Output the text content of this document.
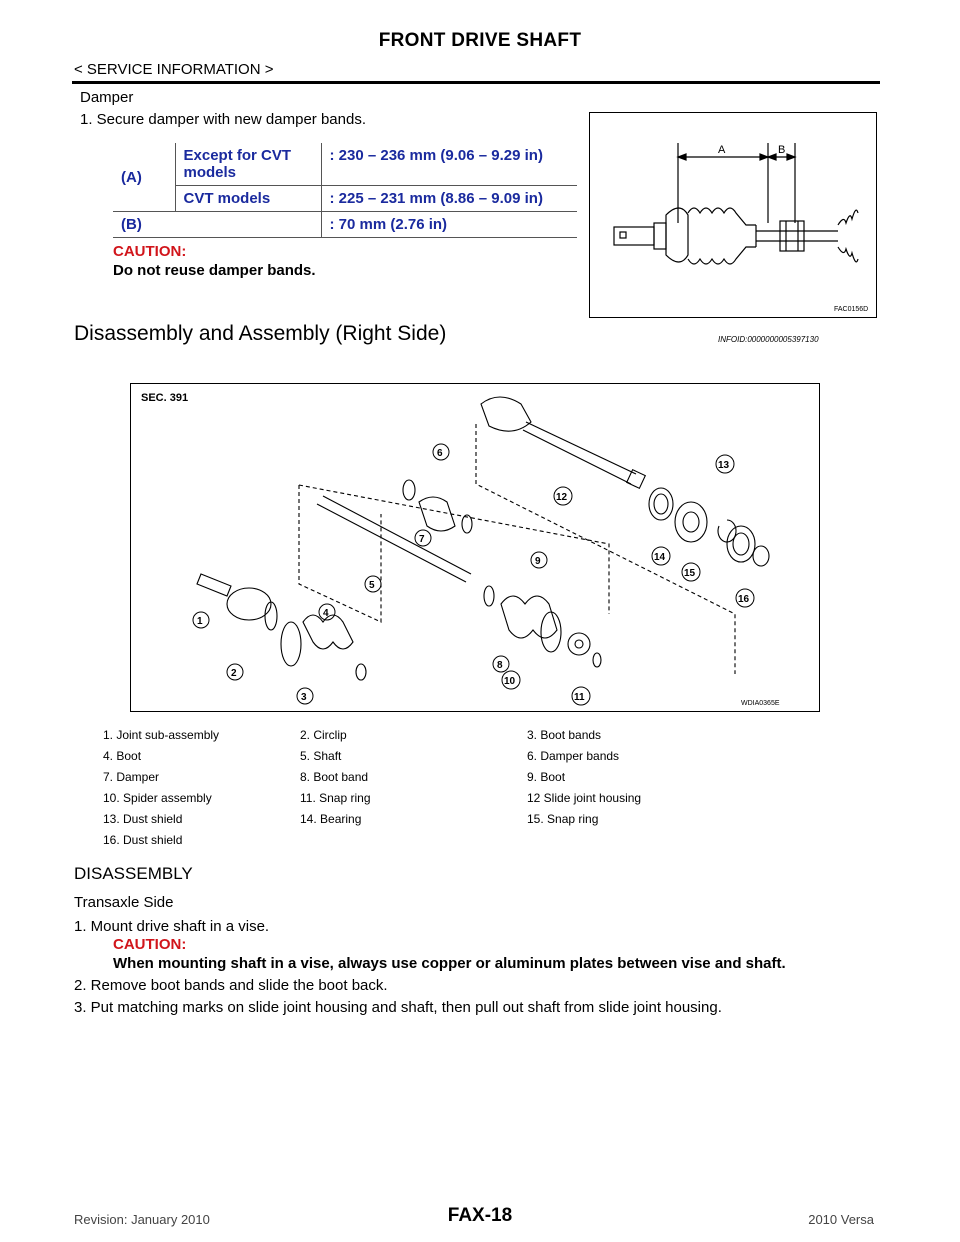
FRONT DRIVE SHAFT
< SERVICE INFORMATION >
Damper
1. Secure damper with new damper bands.
(A)	Except for CVT models	: 230 – 236 mm (9.06 – 9.29 in)
	CVT models	: 225 – 231 mm (8.86 – 9.09 in)
(B)		: 70 mm (2.76 in)
CAUTION:
Do not reuse damper bands.
A	B
FAC0156D
Disassembly and Assembly (Right Side)	INFOID:0000000005397130
SEC. 391
1
2
3
4
5
6
7
8
9
10
11
12
13
14
15
16
WDIA0365E
1. Joint sub-assembly	2. Circlip	3. Boot bands
4. Boot	5. Shaft	6. Damper bands
7. Damper	8. Boot band	9. Boot
10. Spider assembly	11. Snap ring	12 Slide joint housing
13. Dust shield	14. Bearing	15. Snap ring
16. Dust shield
DISASSEMBLY
Transaxle Side
1. Mount drive shaft in a vise.
CAUTION:
When mounting shaft in a vise, always use copper or aluminum plates between vise and shaft.
2. Remove boot bands and slide the boot back.
3. Put matching marks on slide joint housing and shaft, then pull out shaft from slide joint housing.
Revision: January 2010	FAX-18	2010 Versa
